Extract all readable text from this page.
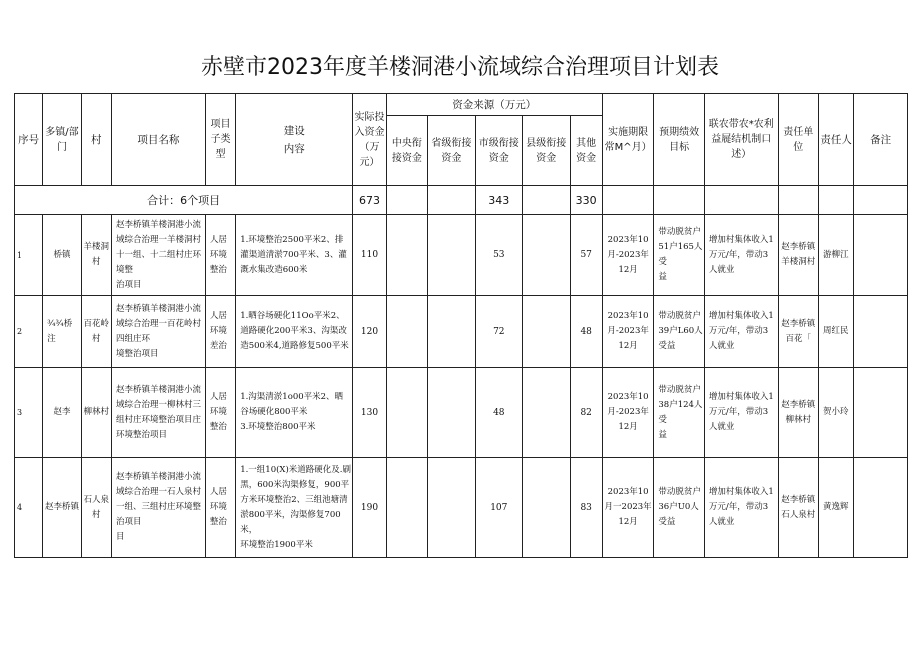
赤壁市2023年度羊楼洞港小流域综合治理项目计划表
序号	多镇/部门	村	项目名称	项目子类型	建设
内容	实际投入资金（万元）	资金来源（万元）					实施期限常M^月）	预期绩效目标	联农带农*农利益屣结机制口述）	责任单位	责任人	备注
							中央衔接资金	省级衔接资金	市级衔接资金	县级衔接资金	其他资金						
合计：6个项目						673			343		330						
1	桥镇	羊楼洞村	赵李桥镇羊楼洞港小流域综合治理一羊楼洞村十一组、十二组村庄环境整
治项目	人居环境整治	1.环境整治2500平米2、排灌渠道清淤700平米、3、灌溉水集改造600米	110			53		57	2023年10月-2023年12月	带动脱贫户51户165人受
益	增加村集体收入1万元/年，带动3人就业	赵李桥镇羊楼洞村	游柳江	
2	¾¾桥注	百花岭村	赵李桥镇羊楼洞港小流域综合治理一百花岭村四组庄环
境整治项目	人居环境差治	1.晒谷场硬化11Oo平米2、道路硬化200平米3、沟渠改造500米4,道路修复500平米	120			72		48	2023年10月-2023年12月	带动脱贫户39户L60人受益	增加村集体收入1万元/年，带动3人就业	赵李桥镇百花「	周红民	
3	赵李	柳林村	赵李桥镇羊楼洞港小流域综合治理一柳林村三组村庄环境整治项目庄环境整治项目	人居环境整治	1.沟渠清淤1o00平米2、晒谷场硬化800平米
3.环境整治800平米	130			48		82	2023年10月-2023年12月	带动脱贫户38户124人受
益	增加村集体收入1万元/年，带动3人就业	赵李桥镇柳林村	贺小玲	
4	赵李桥镇	石人泉村	赵李桥镇羊楼洞港小流域综合治理一石人泉村一组、三组村庄环境整治项目
目	人居环境整治	1.一组10(X)米道路硬化及.刷黑，600米沟渠修复，900平方米环境整治2、三组池塘清淤800平米，沟渠修复700米，
环境整治1900平米	190			107		83	2023年10月一2023年12月	带动脱贫户36户U0人受益	增加村集体收入1万元/年，带动3人就业	赵李桥镇石人泉村	黄逸辉	
